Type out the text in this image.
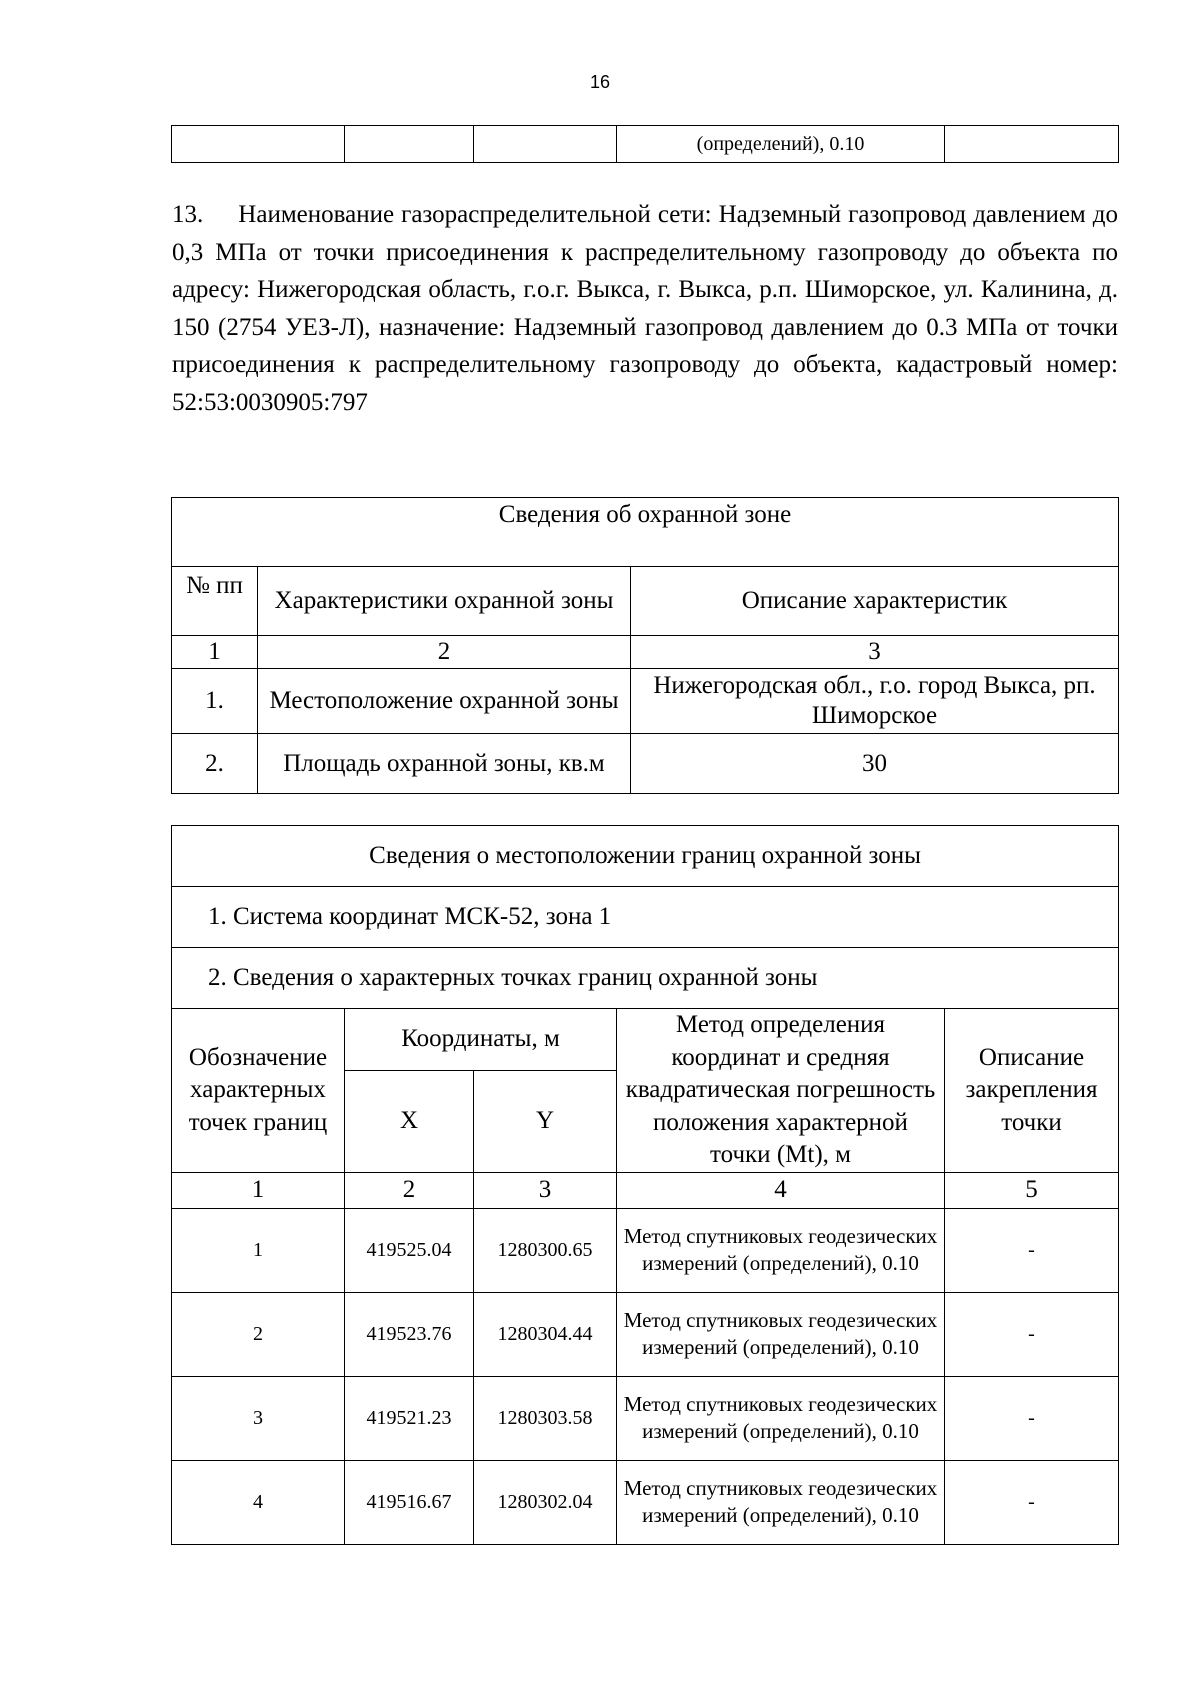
16
			(определений), 0.10	

13.     Наименование газораспределительной сети: Надземный газопровод давлением до 0,3 МПа от точки присоединения к распределительному газопроводу до объекта по адресу: Нижегородская область, г.о.г. Выкса, г. Выкса, р.п. Шиморское, ул. Калинина, д. 150 (2754 УЕЗ-Л), назначение: Надземный газопровод давлением до 0.3 МПа от точки присоединения к распределительному газопроводу до объекта, кадастровый номер: 52:53:0030905:797

Сведения об охранной зоне		
№ пп	Характеристики охранной зоны	Описание характеристик
1	2	3
1.	Местоположение охранной зоны	Нижегородская обл., г.о. город Выкса, рп. Шиморское
2.	Площадь охранной зоны, кв.м	30
Сведения о местоположении границ охранной зоны				
1. Система координат МСК-52, зона 1				
2. Сведения о характерных точках границ охранной зоны				
Обозначение характерных точек границ	Координаты, м		Метод определения координат и средняя квадратическая погрешность положения характерной точки (Mt), м	Описание закрепления точки
	X	Y		
1	2	3	4	5
1	419525.04	1280300.65	Метод спутниковых геодезических измерений (определений), 0.10	-
2	419523.76	1280304.44	Метод спутниковых геодезических измерений (определений), 0.10	-
3	419521.23	1280303.58	Метод спутниковых геодезических измерений (определений), 0.10	-
4	419516.67	1280302.04	Метод спутниковых геодезических измерений (определений), 0.10	-
